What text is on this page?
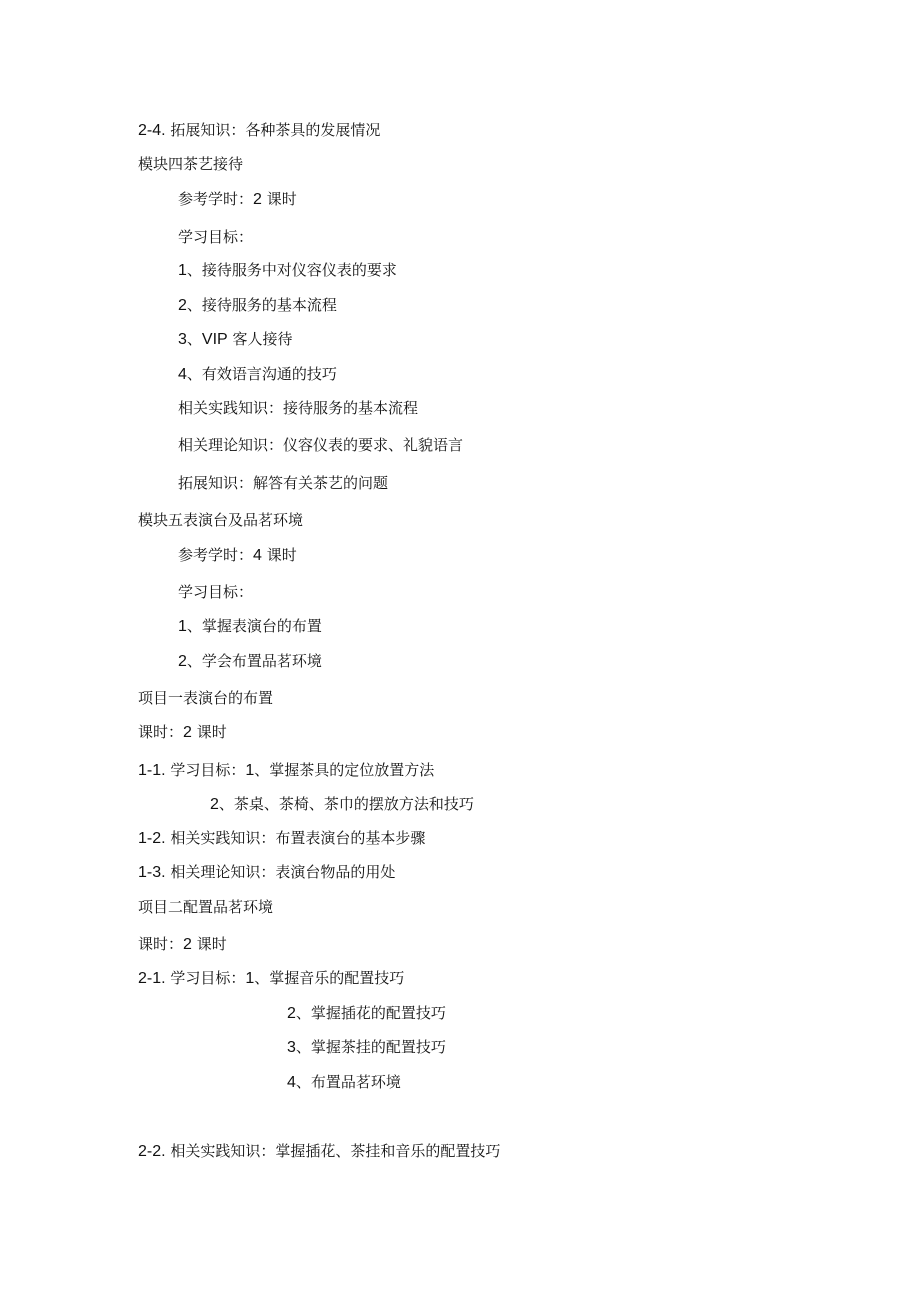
2-4. 拓展知识：各种茶具的发展情况
模块四茶艺接待
参考学时：2 课时
学习目标：
1、接待服务中对仪容仪表的要求
2、接待服务的基本流程
3、VIP 客人接待
4、有效语言沟通的技巧
相关实践知识：接待服务的基本流程
相关理论知识：仪容仪表的要求、礼貌语言
拓展知识：解答有关茶艺的问题
模块五表演台及品茗环境
参考学时：4 课时
学习目标：
1、掌握表演台的布置
2、学会布置品茗环境
项目一表演台的布置
课时：2 课时
1-1. 学习目标：1、掌握茶具的定位放置方法
2、茶桌、茶椅、茶巾的摆放方法和技巧
1-2. 相关实践知识：布置表演台的基本步骤
1-3. 相关理论知识：表演台物品的用处
项目二配置品茗环境
课时：2 课时
2-1. 学习目标：1、掌握音乐的配置技巧
2、掌握插花的配置技巧
3、掌握茶挂的配置技巧
4、布置品茗环境
2-2. 相关实践知识：掌握插花、茶挂和音乐的配置技巧
